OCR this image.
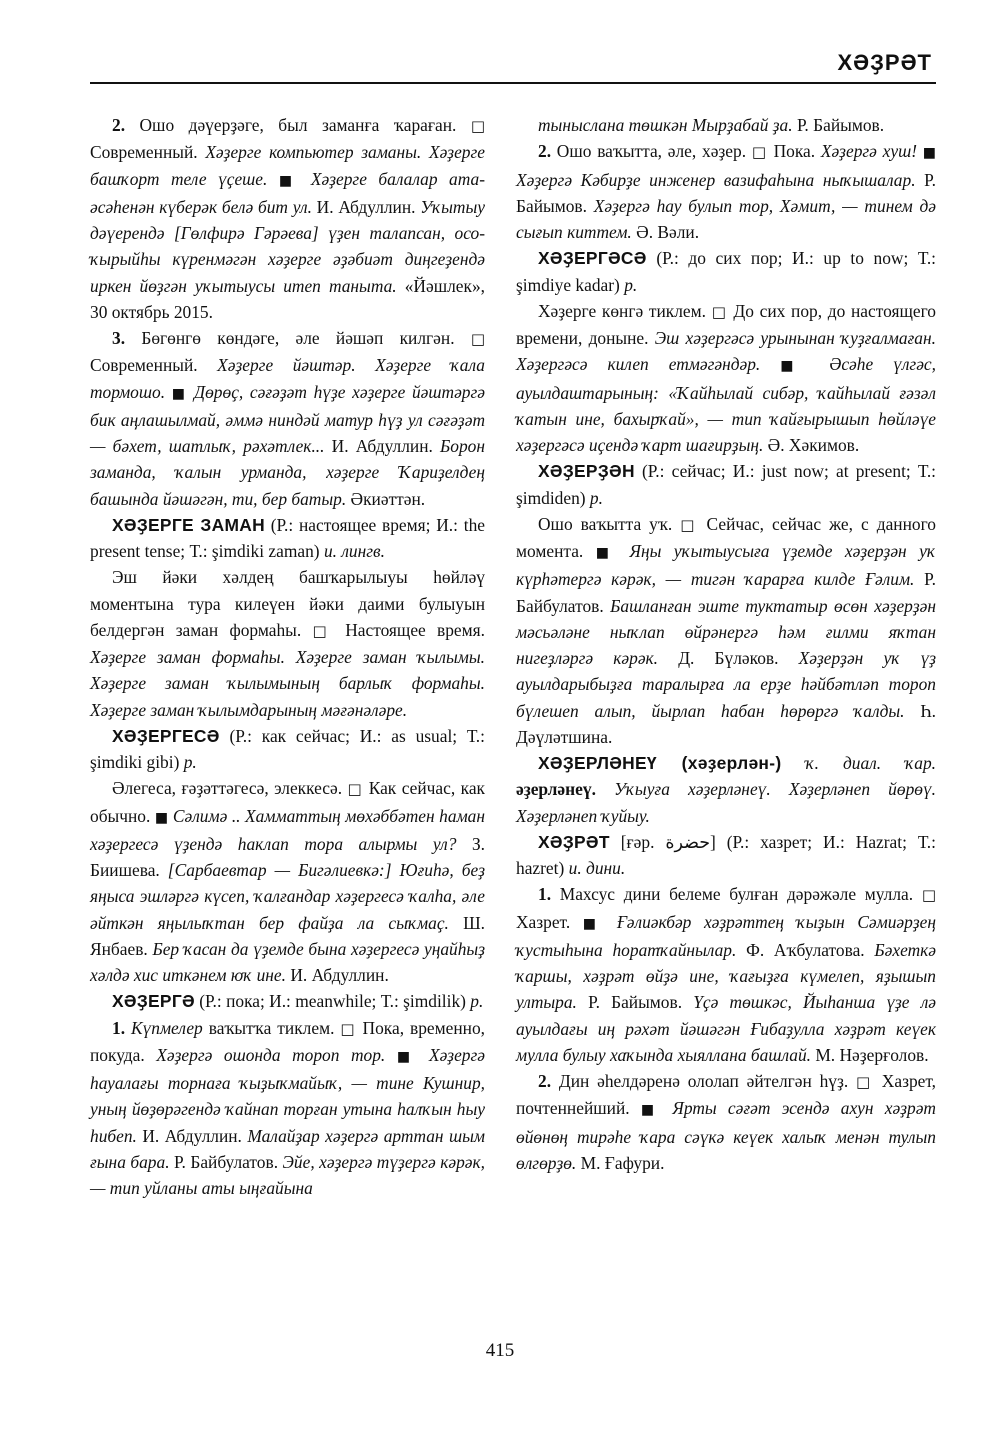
ХӘҘРӘТ

2. Ошо дәүерҙәге, был заманға ҡараған. □ Современный. Хәҙерге компьютер заманы. Хәҙерге башҡорт теле үҫеше. ■ Хәҙерге балалар ата-әсәһенән күберәк белә бит ул. И. Абдуллин. Уҡытыу дәүерендә [Гөлфирә Гәрәева] үҙен талапсан, осо-ҡырыйһы күренмәгән хәҙерге әҙәбиәт диңгеҙендә иркен йөҙгән уҡытыусы итеп таныта. «Йәшлек», 30 октябрь 2015.

3. Бөгөнгө көндәге, әле йәшәп килгән. □ Современный. Хәҙерге йәштәр. Хәҙерге ҡала тормошо. ■ Дөрөҫ, сәғәҙәт һүҙе хәҙерге йәштәргә бик аңлашылмай, әммә ниндәй матур һүҙ ул сәғәҙәт — бәхет, шатлыҡ, рәхәтлек... И. Абдуллин. Борон заманда, ҡалын урманда, хәҙерге Ҡариҙелдең башында йәшәгән, ти, бер батыр. Әкиәттән.

ХӘҘЕРГЕ ЗАМАН (Р.: настоящее время; И.: the present tense; Т.: şimdiki zaman) и. лингв.

Эш йәки хәлдең башҡарылыуы һөйләү моментына тура килеүен йәки даими булыуын белдергән заман формаһы. □ Настоящее время. Хәҙерге заман формаһы. Хәҙерге заман ҡылымы. Хәҙерге заман ҡылымының барлыҡ формаһы. Хәҙерге заман ҡылымдарының мәғәнәләре.

ХӘҘЕРГЕСӘ (Р.: как сейчас; И.: as usual; Т.: şimdiki gibi) р.

Әлегеса, ғәҙәттәгесә, элеккесә. □ Как сейчас, как обычно. ■ Сәлимә .. Хамматтың мөхәббәтен һаман хәҙергесә үҙендә һаклап тора алырмы ул? З. Биишева. [Сарбаевтар — Бигәлиевкә:] Юғиһә, беҙ яңыса эшләргә күсеп, ҡалғандар хәҙергесә ҡалһа, әле әйткән яңылыҡтан бер файҙа ла сыҡмаҫ. Ш. Янбаев. Бер ҡасан да үҙемде бына хәҙергесә уңайһыҙ хәлдә хис иткәнем юҡ ине. И. Абдуллин.

ХӘҘЕРГӘ (Р.: пока; И.: meanwhile; Т.: şimdilik) р.

1. Күпмелер ваҡытҡа тиклем. □ Пока, временно, покуда. Хәҙергә ошонда тороп тор. ■ Хәҙергә һауалағы торнаға ҡыҙыҡмайыҡ, — тине Кушнир, уның йөҙөрәгендә ҡайнап торған утына һалҡын һыу һибеп. И. Абдуллин. Малайҙар хәҙергә арттан шым ғына бара. Р. Байбулатов. Эйе, хәҙергә түҙергә кәрәк, — тип уйланы аты ыңғайына

тыныслана төшкән Мырҙабай ҙа. Р. Байымов.

2. Ошо ваҡытта, әле, хәҙер. □ Пока. Хәҙергә хуш! ■ Хәҙергә Кәбирҙе инженер вазифаһына ныҡышалар. Р. Байымов. Хәҙергә һау булып тор, Хәмит, — тинем дә сығып киттем. Ә. Вәли.

ХӘҘЕРГӘСӘ (Р.: до сих пор; И.: up to now; Т.: şimdiye kadar) р.

Хәҙерге көнгә тиклем. □ До сих пор, до настоящего времени, доныне. Эш хәҙергәсә урынынан ҡуҙғалмаған. Хәҙергәсә килеп етмәгәндәр. ■ Әсәһе үлгәс, ауылдаштарының: «Ҡайһылай сибәр, ҡайһылай ғәзәл ҡатын ине, бахырҡай», — тип ҡайғырышып һөйләүе хәҙергәсә иҫендә ҡарт шағирҙың. Ә. Хәкимов.

ХӘҘЕРҘӘН (Р.: сейчас; И.: just now; at present; Т.: şimdiden) р.

Ошо ваҡытта уҡ. □ Сейчас, сейчас же, с данного момента. ■ Яңы уҡытыусыға үҙемде хәҙерҙән уҡ күрһәтергә кәрәк, — тигән ҡарарға килде Ғәлим. Р. Байбулатов. Башланған эште туктатыр өсөн хәҙерҙән мәсьәләне ныҡлап өйрәнергә һәм ғилми яҡтан нигеҙләргә кәрәк. Д. Бүләков. Хәҙерҙән уҡ үҙ ауылдарыбыҙға таралырға ла ерҙе һәйбәтләп тороп бүлешеп алып, йырлап һабан һөрөргә ҡалды. Һ. Дәүләтшина.

ХӘҘЕРЛӘНЕҮ (хәҙерлән-) ҡ. диал. ҡар. әҙерләнеү. Уҡыуға хәҙерләнеү. Хәҙерләнеп йөрөү. Хәҙерләнеп ҡуйыу.

ХӘҘРӘТ [ғәр. حضرة] (Р.: хазрет; И.: Hazrat; Т.: hazret) и. дини.

1. Махсус дини белеме булған дәрәжәле мулла. □ Хазрет. ■ Ғәлиәкбәр хәҙрәттең ҡыҙын Сәмиәрҙең ҡустыһына һоратҡайнылар. Ф. Аҡбулатова. Бәхеткә ҡаршы, хәҙрәт өйҙә ине, ҡағыҙға күмелеп, яҙышып ултыра. Р. Байымов. Үҫә төшкәс, Йыһанша үҙе лә ауылдағы иң рәхәт йәшәгән Ғибаҙулла хәҙрәт кеүек мулла булыу хаҡында хыяллана башлай. М. Нәҙерғолов.

2. Дин әһелдәренә ололап әйтелгән һүҙ. □ Хазрет, почтеннейший. ■ Ярты сәғәт эсендә ахун хәҙрәт өйөнөң тирәһе ҡара сәүкә кеүек халыҡ менән тулып өлгөрҙө. М. Ғафури.

415
